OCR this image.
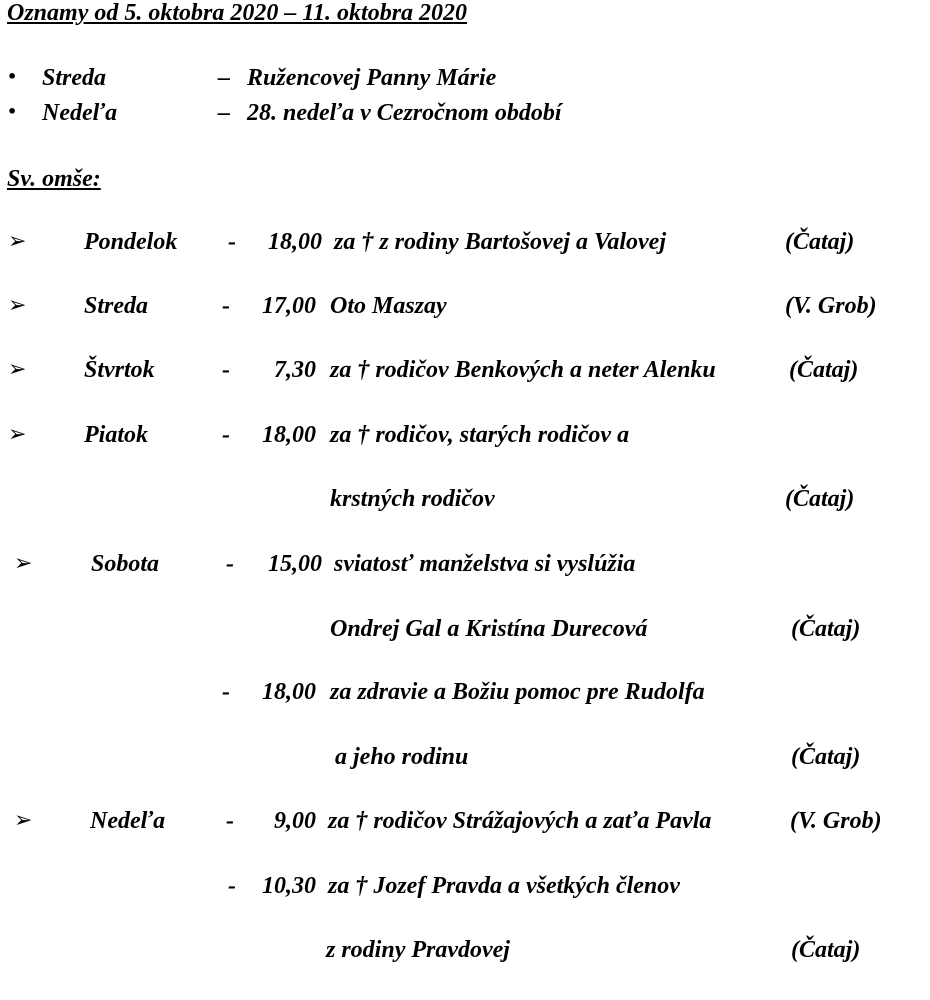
Oznamy od 5. oktobra 2020 – 11. oktobra 2020
• Streda	– Ružencovej Panny Márie
• Nedeľa	– 28. nedeľa v Cezročnom období
Sv. omše:
➢ Pondelok -	18,00 za † z rodiny Bartošovej a Valovej	(Čataj)
➢ Streda	-	17,00 Oto Maszay	(V. Grob)
➢ Štvrtok	-	7,30 za † rodičov Benkových a neter Alenku	(Čataj)
➢ Piatok	-	18,00 za † rodičov, starých rodičov a
krstných rodičov	(Čataj)
➢ Sobota	-	15,00 sviatosť manželstva si vyslúžia
Ondrej Gal a Kristína Durecová	(Čataj)
-	18,00 za zdravie a Božiu pomoc pre Rudolfa
a jeho rodinu	(Čataj)
➢ Nedeľa	-	9,00 za † rodičov Strážajových a zaťa Pavla	(V. Grob)
-	10,30 za † Jozef Pravda a všetkých členov
z rodiny Pravdovej	(Čataj)
